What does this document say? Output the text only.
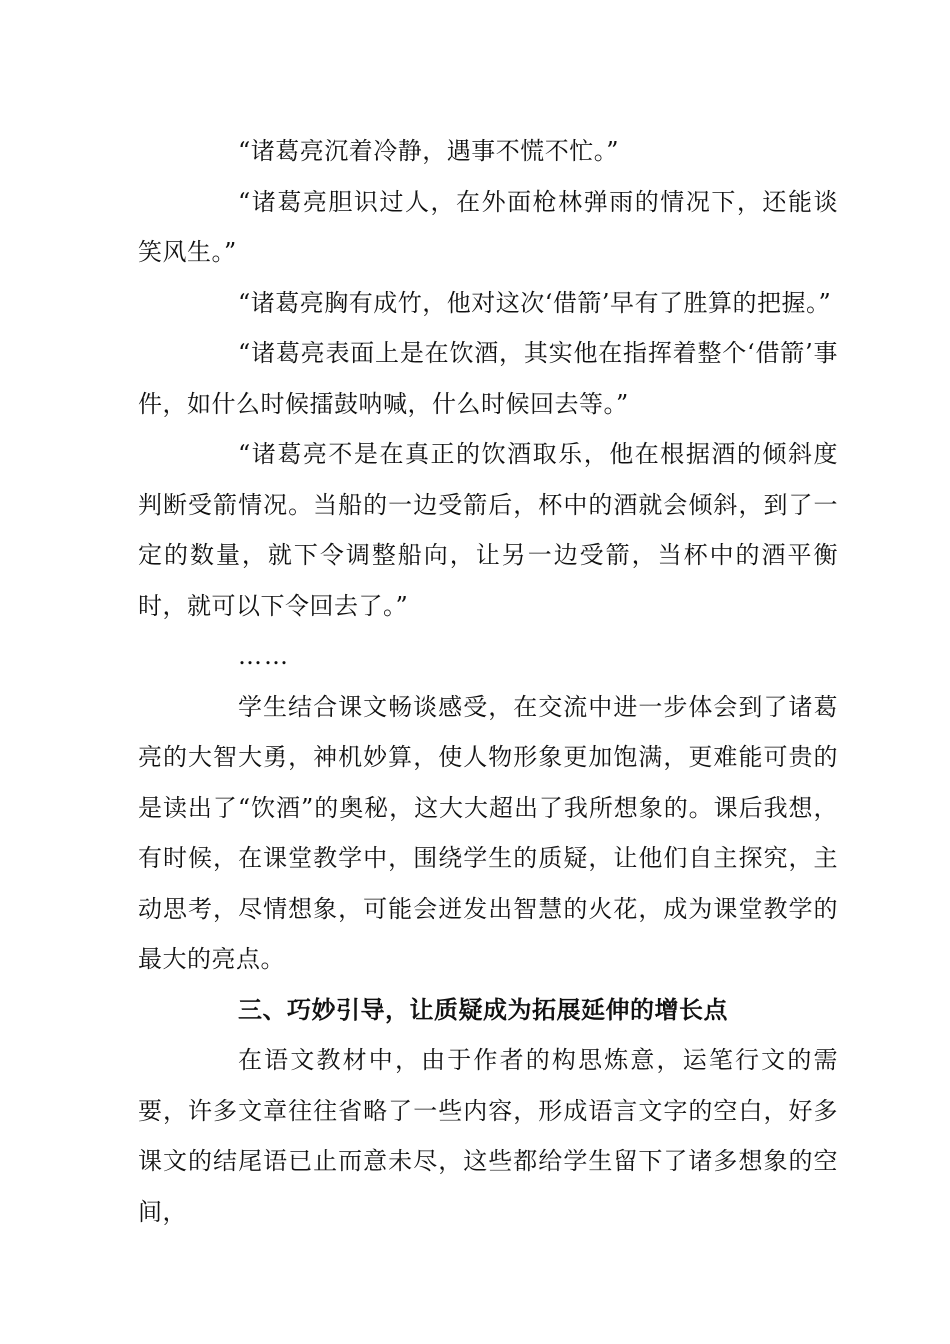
“诸葛亮沉着冷静，遇事不慌不忙。”

“诸葛亮胆识过人，在外面枪林弹雨的情况下，还能谈笑风生。”

“诸葛亮胸有成竹，他对这次‘借箭’早有了胜算的把握。”

“诸葛亮表面上是在饮酒，其实他在指挥着整个‘借箭’事件，如什么时候擂鼓呐喊，什么时候回去等。”

“诸葛亮不是在真正的饮酒取乐，他在根据酒的倾斜度判断受箭情况。当船的一边受箭后，杯中的酒就会倾斜，到了一定的数量，就下令调整船向，让另一边受箭，当杯中的酒平衡时，就可以下令回去了。”

……

学生结合课文畅谈感受，在交流中进一步体会到了诸葛亮的大智大勇，神机妙算，使人物形象更加饱满，更难能可贵的是读出了“饮酒”的奥秘，这大大超出了我所想象的。课后我想，有时候，在课堂教学中，围绕学生的质疑，让他们自主探究，主动思考，尽情想象，可能会迸发出智慧的火花，成为课堂教学的最大的亮点。

三、巧妙引导，让质疑成为拓展延伸的增长点

在语文教材中，由于作者的构思炼意，运笔行文的需要，许多文章往往省略了一些内容，形成语言文字的空白，好多课文的结尾语已止而意未尽，这些都给学生留下了诸多想象的空间，
